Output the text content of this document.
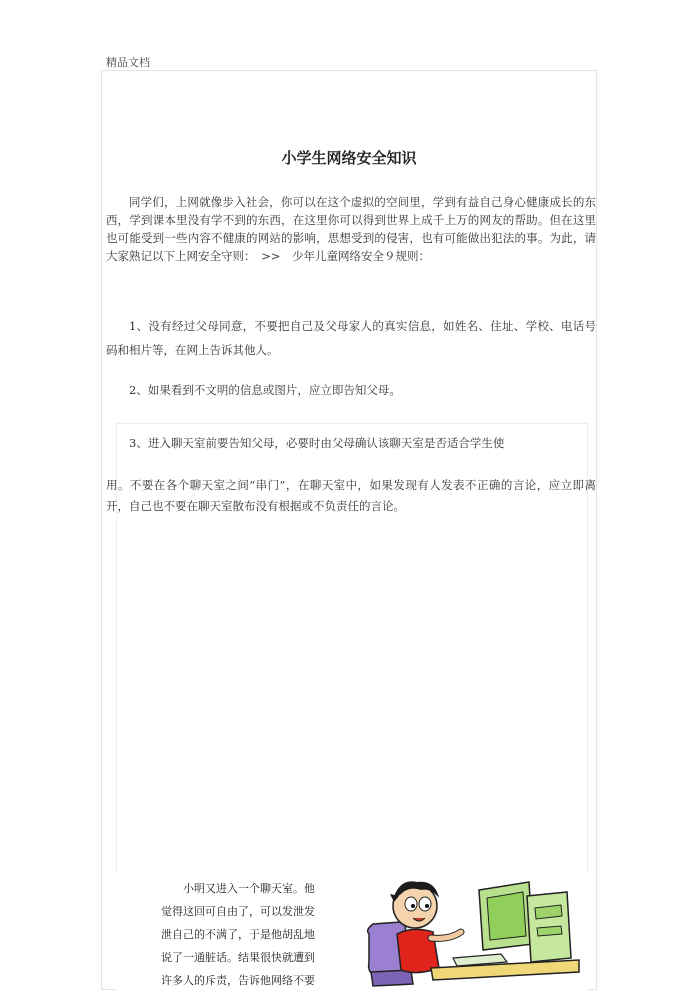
精品文档
小学生网络安全知识
同学们，上网就像步入社会，你可以在这个虚拟的空间里，学到有益自己身心健康成长的东西，学到课本里没有学不到的东西，在这里你可以得到世界上成千上万的网友的帮助。但在这里也可能受到一些内容不健康的网站的影响，思想受到的侵害，也有可能做出犯法的事。为此，请大家熟记以下上网安全守则：　>>　少年儿童网络安全９规则：
1、没有经过父母同意，不要把自己及父母家人的真实信息，如姓名、住址、学校、电话号码和相片等，在网上告诉其他人。
2、如果看到不文明的信息或图片，应立即告知父母。
3、进入聊天室前要告知父母，必要时由父母确认该聊天室是否适合学生使
用。不要在各个聊天室之间“串门”，在聊天室中，如果发现有人发表不正确的言论，应立即离开，自己也不要在聊天室散布没有根据或不负责任的言论。
小明又进入一个聊天室。他
觉得这回可自由了，可以发泄发
泄自己的不满了，于是他胡乱地
说了一通脏话。结果很快就遭到
许多人的斥责，告诉他网络不要
